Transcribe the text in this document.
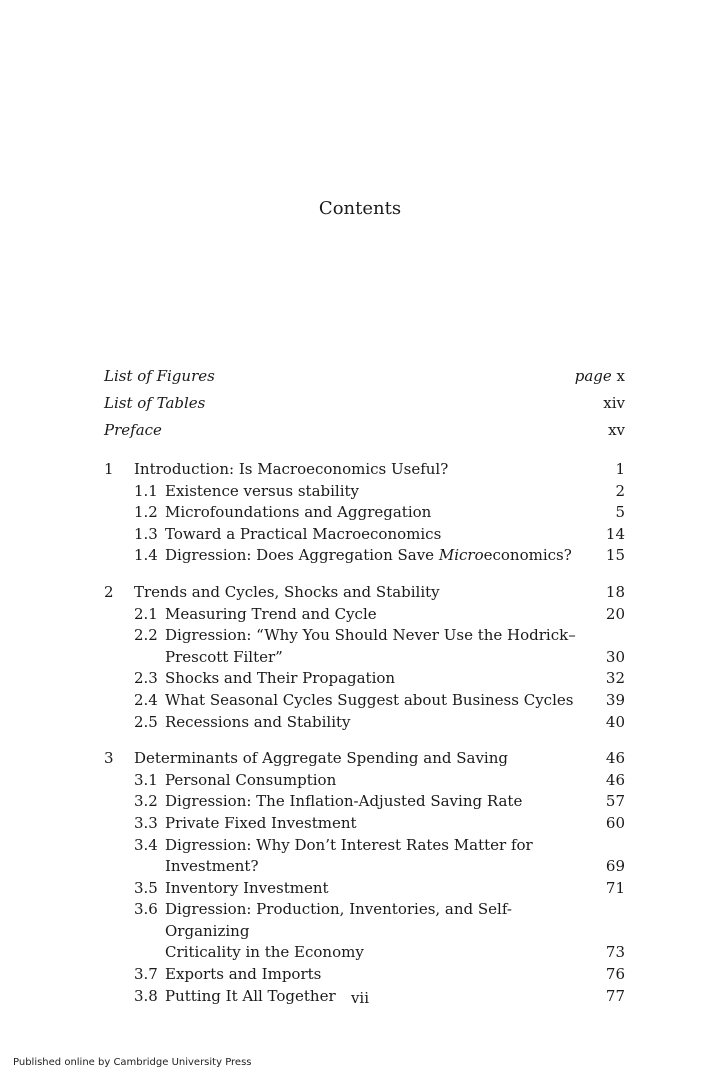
Contents
List of Figures	page x
List of Tables	xiv
Preface	xv
1 Introduction: Is Macroeconomics Useful?	1
1.1 Existence versus stability	2
1.2 Microfoundations and Aggregation	5
1.3 Toward a Practical Macroeconomics	14
1.4 Digression: Does Aggregation Save Microeconomics? 15
2 Trends and Cycles, Shocks and Stability	18
2.1 Measuring Trend and Cycle	20
2.2 Digression: “Why You Should Never Use the Hodrick–
Prescott Filter”	30
2.3 Shocks and Their Propagation	32
2.4 What Seasonal Cycles Suggest about Business Cycles 39
2.5 Recessions and Stability	40
3 Determinants of Aggregate Spending and Saving	46
3.1 Personal Consumption	46
3.2 Digression: The Inflation-Adjusted Saving Rate	57
3.3 Private Fixed Investment	60
3.4 Digression: Why Don’t Interest Rates Matter for Investment?	69
3.5 Inventory Investment	71
3.6 Digression: Production, Inventories, and Self-Organizing
Criticality in the Economy	73
3.7 Exports and Imports	76
3.8 Putting It All Together	77
vii
Published online by Cambridge University Press
